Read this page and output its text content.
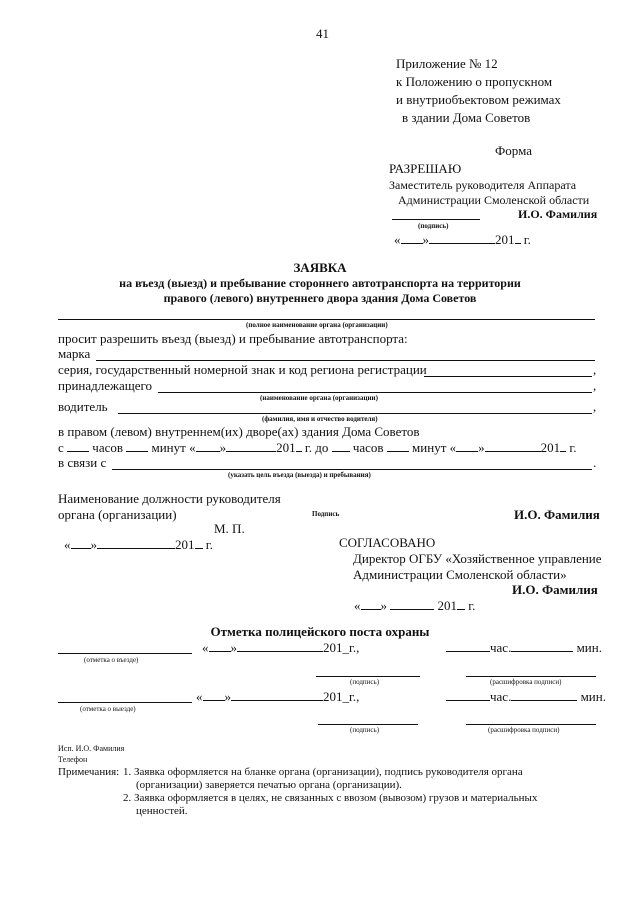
41
Приложение № 12
к Положению о пропускном
и внутриобъектовом режимах
в здании Дома Советов
Форма
РАЗРЕШАЮ
Заместитель руководителя Аппарата
Администрации Смоленской области
И.О. Фамилия
(подпись)
« »	201 г.
ЗАЯВКА
на въезд (выезд) и пребывание стороннего автотранспорта на территории
правого (левого) внутреннего двора здания Дома Советов
(полное наименование органа (организации)
просит разрешить въезд (выезд) и пребывание автотранспорта:
марка
серия, государственный номерной знак и код региона регистрации	,
принадлежащего	,
(наименование органа (организации)
водитель	,
(фамилия, имя и отчество водителя)
в правом (левом) внутреннем(их) дворе(ах) здания Дома Советов
с часов минут « »	201 г. до часов минут « »	201 г.
в связи с	.
(указать цель въезда (выезда) и пребывания)
Наименование должности руководителя
органа (организации)	Подпись	И.О. Фамилия
М. П.
« »	201 г.	СОГЛАСОВАНО
Директор ОГБУ «Хозяйственное управление
Администрации Смоленской области»
И.О. Фамилия
« »	201 г.
Отметка полицейского поста охраны
« »	201_г.,	час.	мин.
(отметка о въезде)
(подпись)	(расшифровка подписи)
« »	201_г.,	час.	мин.
(отметка о выезде)
(подпись)	(расшифровка подписи)
Исп. И.О. Фамилия
Телефон
Примечания: 1. Заявка оформляется на бланке органа (организации), подпись руководителя органа
(организации) заверяется печатью органа (организации).
2. Заявка оформляется в целях, не связанных с ввозом (вывозом) грузов и материальных
ценностей.
